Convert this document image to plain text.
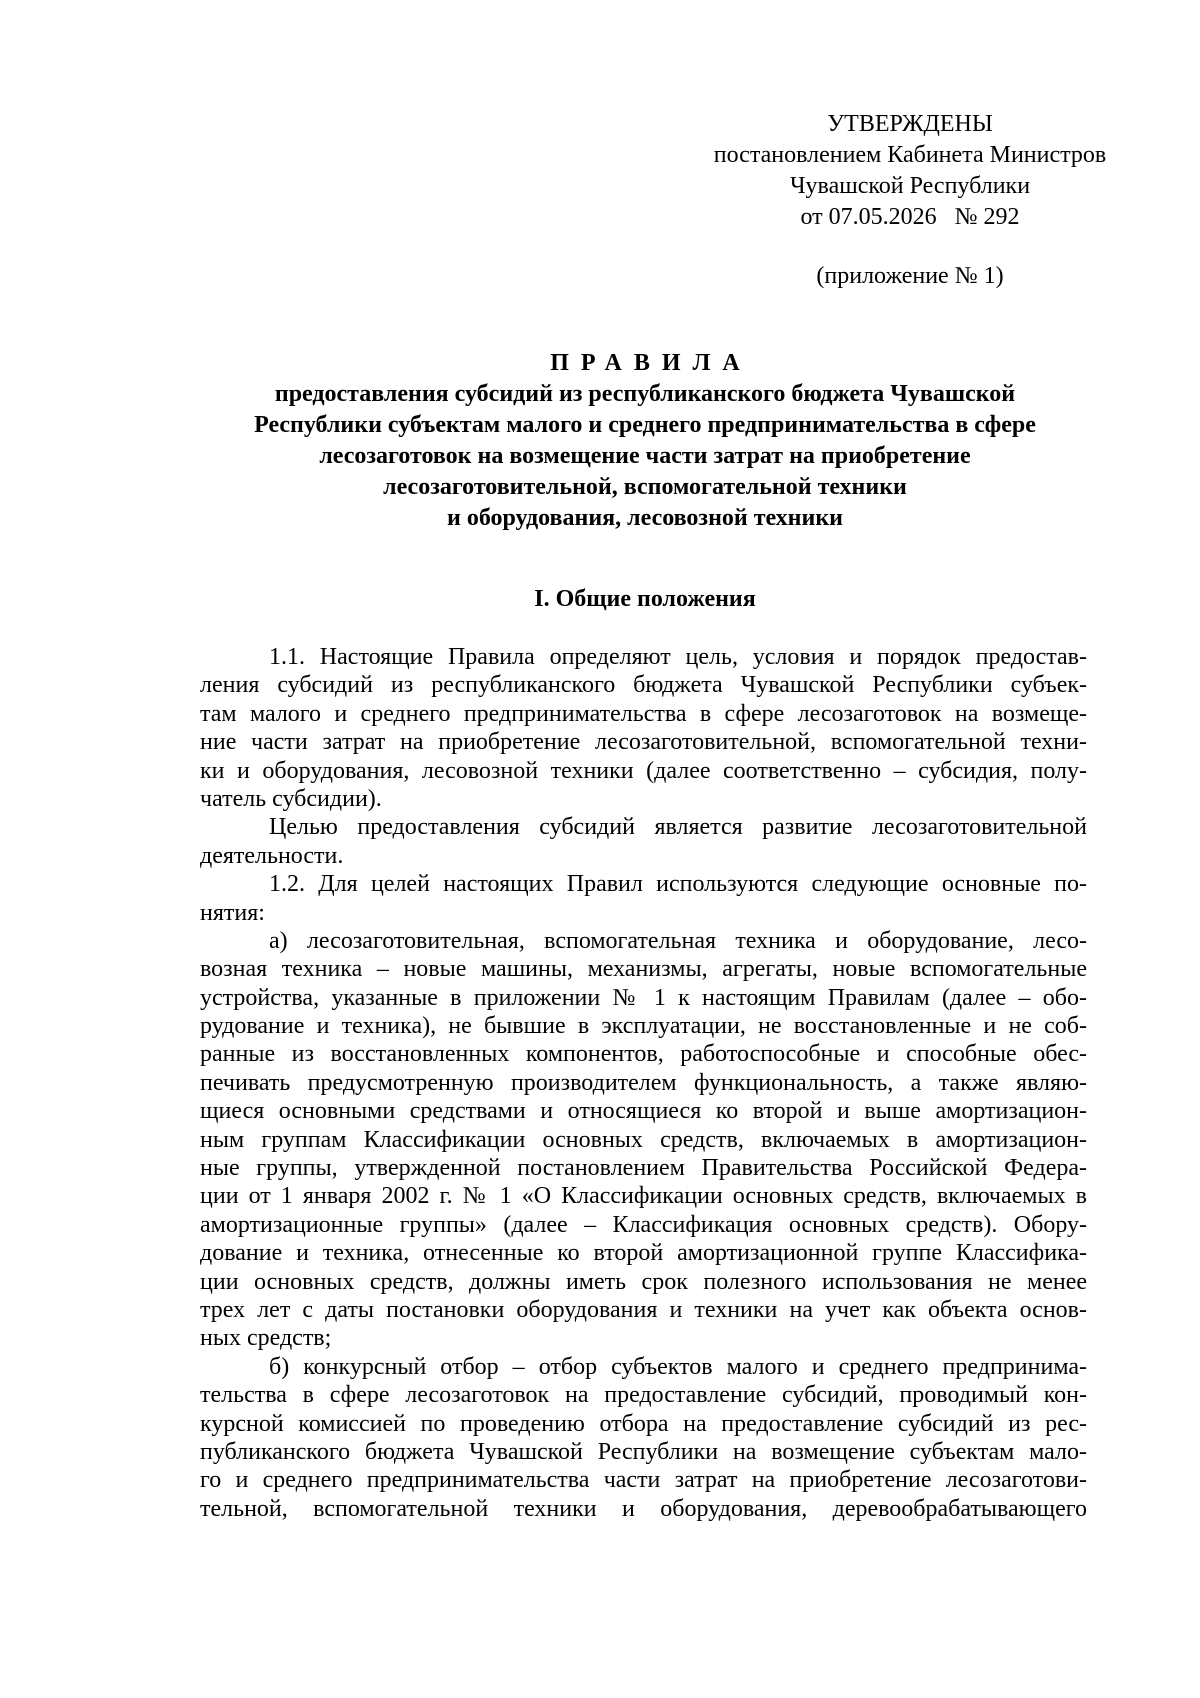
УТВЕРЖДЕНЫ
постановлением Кабинета Министров
Чувашской Республики
от 07.05.2026   № 292
(приложение № 1)
ПРАВИЛА
предоставления субсидий из республиканского бюджета Чувашской
Республики субъектам малого и среднего предпринимательства в сфере
лесозаготовок на возмещение части затрат на приобретение
лесозаготовительной, вспомогательной техники
и оборудования, лесовозной техники
I. Общие положения
1.1. Настоящие Правила определяют цель, условия и порядок предостав-
ления субсидий из республиканского бюджета Чувашской Республики субъек-
там малого и среднего предпринимательства в сфере лесозаготовок на возмеще-
ние части затрат на приобретение лесозаготовительной, вспомогательной техни-
ки и оборудования, лесовозной техники (далее соответственно – субсидия, полу-
чатель субсидии).
Целью предоставления субсидий является развитие лесозаготовительной
деятельности.
1.2. Для целей настоящих Правил используются следующие основные по-
нятия:
а) лесозаготовительная, вспомогательная техника и оборудование, лесо-
возная техника – новые машины, механизмы, агрегаты, новые вспомогательные
устройства, указанные в приложении № 1 к настоящим Правилам (далее – обо-
рудование и техника), не бывшие в эксплуатации, не восстановленные и не соб-
ранные из восстановленных компонентов, работоспособные и способные обес-
печивать предусмотренную производителем функциональность, а также являю-
щиеся основными средствами и относящиеся ко второй и выше амортизацион-
ным группам Классификации основных средств, включаемых в амортизацион-
ные группы, утвержденной постановлением Правительства Российской Федера-
ции от 1 января 2002 г. № 1 «О Классификации основных средств, включаемых в
амортизационные группы» (далее – Классификация основных средств). Обору-
дование и техника, отнесенные ко второй амортизационной группе Классифика-
ции основных средств, должны иметь срок полезного использования не менее
трех лет с даты постановки оборудования и техники на учет как объекта основ-
ных средств;
б) конкурсный отбор – отбор субъектов малого и среднего предпринима-
тельства в сфере лесозаготовок на предоставление субсидий, проводимый кон-
курсной комиссией по проведению отбора на предоставление субсидий из рес-
публиканского бюджета Чувашской Республики на возмещение субъектам мало-
го и среднего предпринимательства части затрат на приобретение лесозаготови-
тельной, вспомогательной техники и оборудования, деревообрабатывающего
